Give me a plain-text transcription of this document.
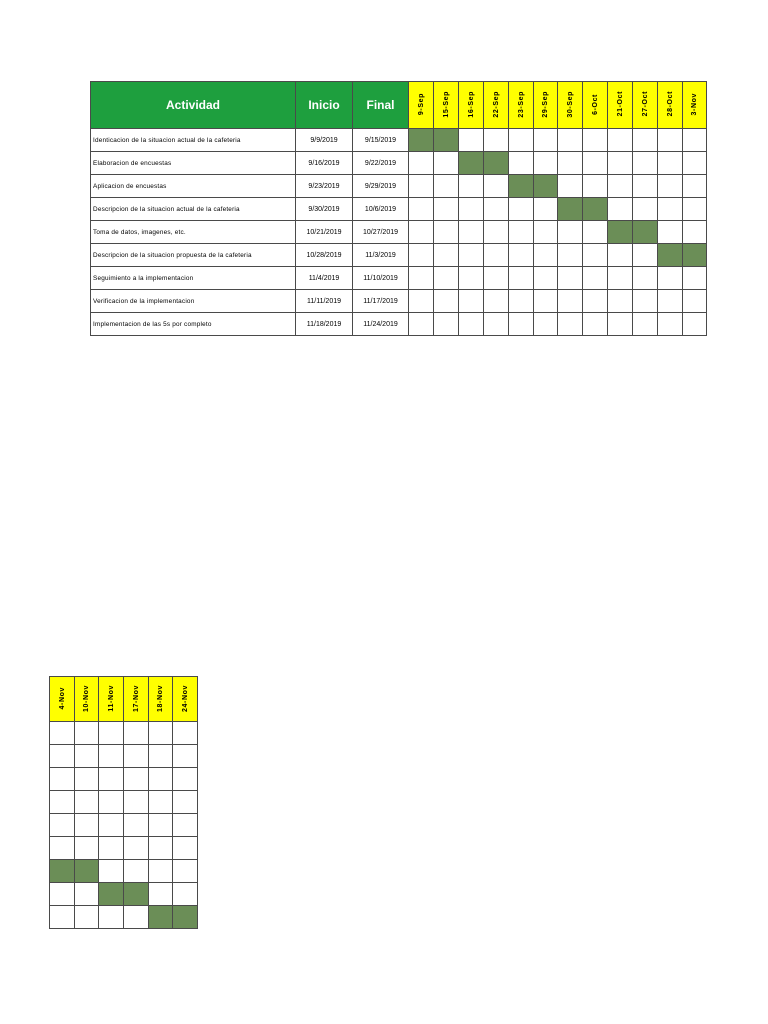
Actividad	Inicio	Final	9-Sep	15-Sep	16-Sep	22-Sep	23-Sep	29-Sep	30-Sep	6-Oct	21-Oct	27-Oct	28-Oct	3-Nov
Identicacion de la situacion actual de la cafeteria	9/9/2019	9/15/2019												
Elaboracion de encuestas	9/16/2019	9/22/2019												
Aplicacion de encuestas	9/23/2019	9/29/2019												
Descripcion de la situacion actual de la cafeteria	9/30/2019	10/6/2019												
Toma de datos, imagenes, etc.	10/21/2019	10/27/2019												
Descripcion de la situacion propuesta de la cafeteria	10/28/2019	11/3/2019												
Seguimiento a la implementacion	11/4/2019	11/10/2019												
Verificacion de la implementacion	11/11/2019	11/17/2019												
Implementacion de las 5s por completo	11/18/2019	11/24/2019												
4-Nov	10-Nov	11-Nov	17-Nov	18-Nov	24-Nov
